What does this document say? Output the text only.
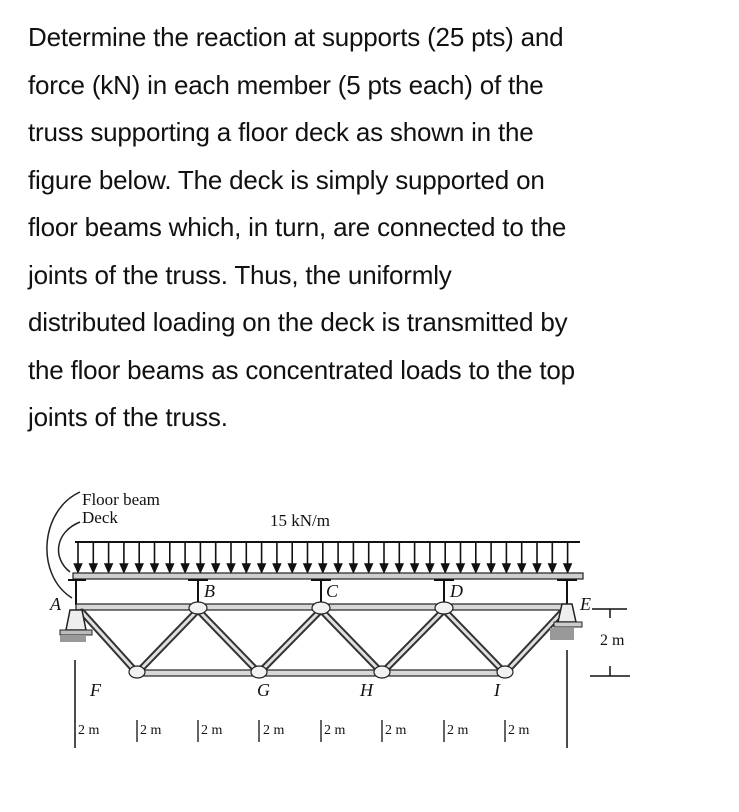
Determine the reaction at supports (25 pts) and
force (kN) in each member (5 pts each) of the
truss supporting a floor deck as shown in the
figure below. The deck is simply supported on
floor beams which, in turn, are connected to the
joints of the truss. Thus, the uniformly
distributed loading on the deck is transmitted by
the floor beams as concentrated loads to the top
joints of the truss.
Floor beam
Deck	15 kN/m
A
B	C	D
E
F	G	H	I
2 m
2 m	2 m	2 m	2 m	2 m	2 m	2 m	2 m
